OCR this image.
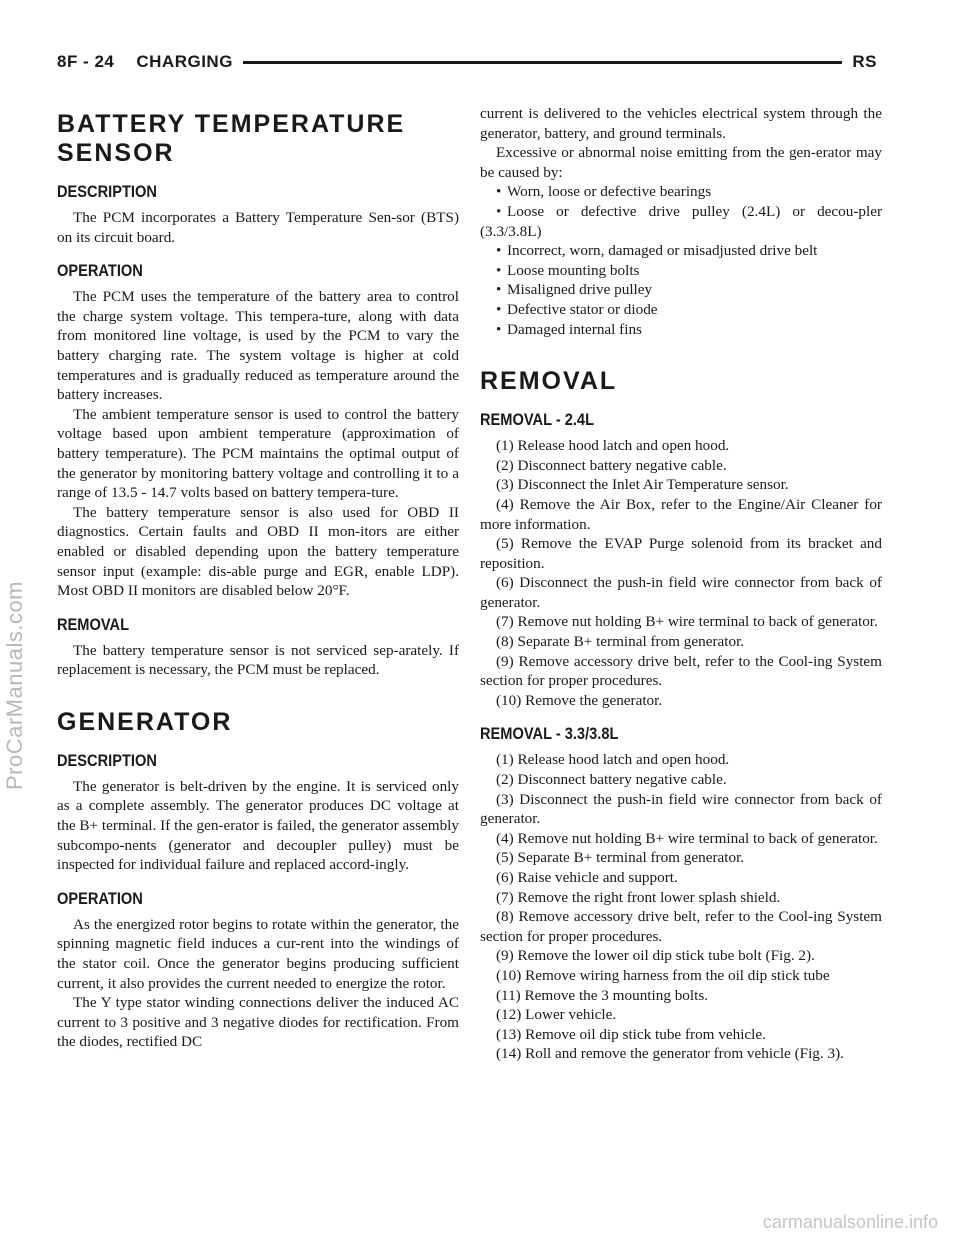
8F - 24 CHARGING	RS
ProCarManuals.com
carmanualsonline.info
BATTERY TEMPERATURE SENSOR
DESCRIPTION

The PCM incorporates a Battery Temperature Sen-sor (BTS) on its circuit board.

OPERATION

The PCM uses the temperature of the battery area to control the charge system voltage. This tempera-ture, along with data from monitored line voltage, is used by the PCM to vary the battery charging rate. The system voltage is higher at cold temperatures and is gradually reduced as temperature around the battery increases.

The ambient temperature sensor is used to control the battery voltage based upon ambient temperature (approximation of battery temperature). The PCM maintains the optimal output of the generator by monitoring battery voltage and controlling it to a range of 13.5 - 14.7 volts based on battery tempera-ture.

The battery temperature sensor is also used for OBD II diagnostics. Certain faults and OBD II mon-itors are either enabled or disabled depending upon the battery temperature sensor input (example: dis-able purge and EGR, enable LDP). Most OBD II monitors are disabled below 20°F.

REMOVAL

The battery temperature sensor is not serviced sep-arately. If replacement is necessary, the PCM must be replaced.

GENERATOR
DESCRIPTION

The generator is belt-driven by the engine. It is serviced only as a complete assembly. The generator produces DC voltage at the B+ terminal. If the gen-erator is failed, the generator assembly subcompo-nents (generator and decoupler pulley) must be inspected for individual failure and replaced accord-ingly.

OPERATION

As the energized rotor begins to rotate within the generator, the spinning magnetic field induces a cur-rent into the windings of the stator coil. Once the generator begins producing sufficient current, it also provides the current needed to energize the rotor.

The Y type stator winding connections deliver the induced AC current to 3 positive and 3 negative diodes for rectification. From the diodes, rectified DC

current is delivered to the vehicles electrical system through the generator, battery, and ground terminals.

Excessive or abnormal noise emitting from the gen-erator may be caused by:

• Worn, loose or defective bearings
• Loose or defective drive pulley (2.4L) or decou-pler (3.3/3.8L)
• Incorrect, worn, damaged or misadjusted drive belt
• Loose mounting bolts
• Misaligned drive pulley
• Defective stator or diode
• Damaged internal fins
REMOVAL
REMOVAL - 2.4L

(1) Release hood latch and open hood.

(2) Disconnect battery negative cable.

(3) Disconnect the Inlet Air Temperature sensor.

(4) Remove the Air Box, refer to the Engine/Air Cleaner for more information.

(5) Remove the EVAP Purge solenoid from its bracket and reposition.

(6) Disconnect the push-in field wire connector from back of generator.

(7) Remove nut holding B+ wire terminal to back of generator.

(8) Separate B+ terminal from generator.

(9) Remove accessory drive belt, refer to the Cool-ing System section for proper procedures.

(10) Remove the generator.

REMOVAL - 3.3/3.8L

(1) Release hood latch and open hood.

(2) Disconnect battery negative cable.

(3) Disconnect the push-in field wire connector from back of generator.

(4) Remove nut holding B+ wire terminal to back of generator.

(5) Separate B+ terminal from generator.

(6) Raise vehicle and support.

(7) Remove the right front lower splash shield.

(8) Remove accessory drive belt, refer to the Cool-ing System section for proper procedures.

(9) Remove the lower oil dip stick tube bolt (Fig. 2).

(10) Remove wiring harness from the oil dip stick tube

(11) Remove the 3 mounting bolts.

(12) Lower vehicle.

(13) Remove oil dip stick tube from vehicle.

(14) Roll and remove the generator from vehicle (Fig. 3).
